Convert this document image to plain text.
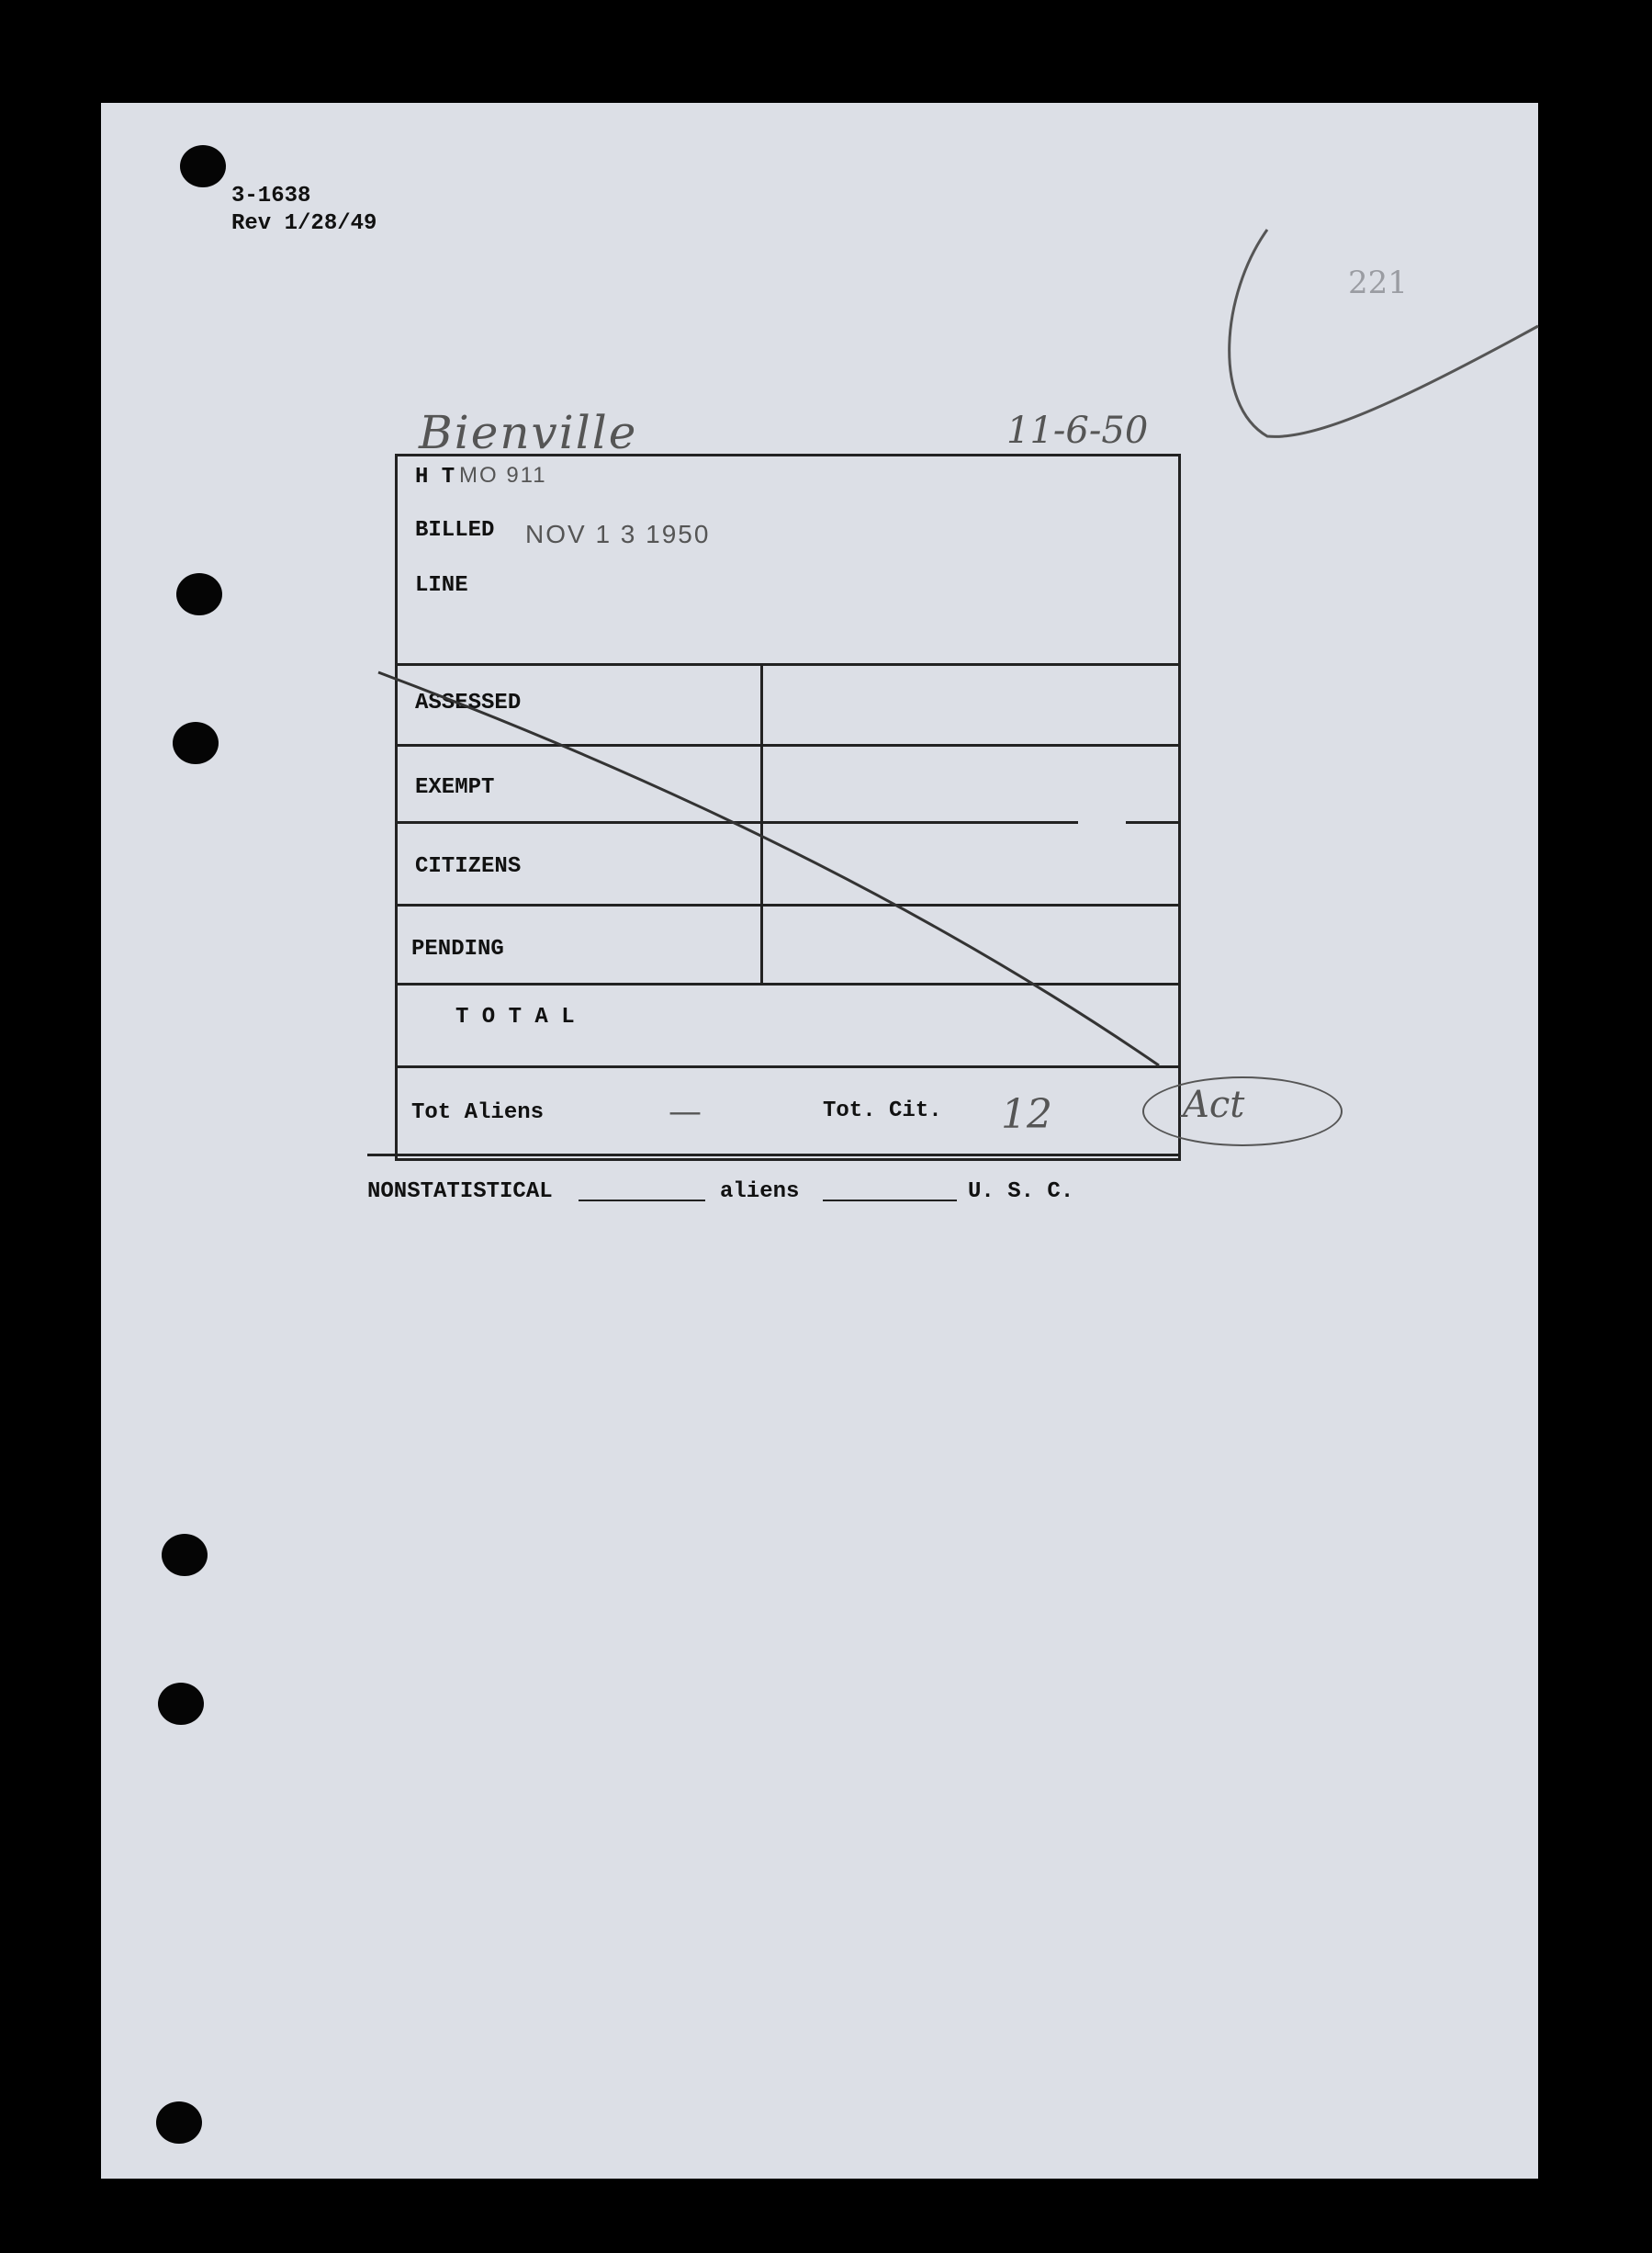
3-1638
Rev 1/28/49
221
Bienville	11-6-50
H T MO 911
BILLED NOV 1 3 1950
LINE
ASSESSED
EXEMPT
CITIZENS
PENDING
T O T A L
Tot Aliens	—	Tot. Cit. 12	Act
NONSTATISTICAL	aliens	U. S. C.
